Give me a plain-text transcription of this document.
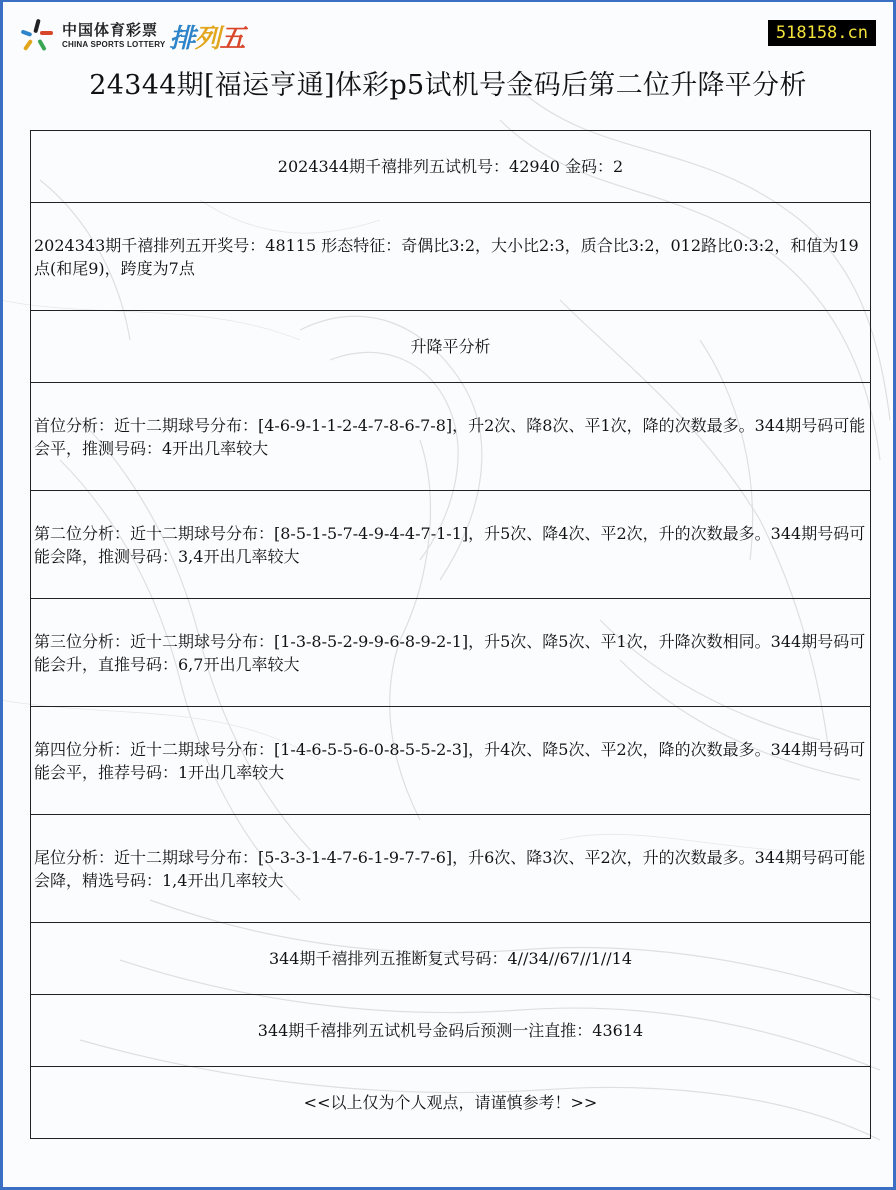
中国体育彩票
CHINA SPORTS LOTTERY 排 列 五	518158.cn
24344期[福运亨通]体彩p5试机号金码后第二位升降平分析
2024344期千禧排列五试机号：42940 金码：2
2024343期千禧排列五开奖号：48115 形态特征：奇偶比3:2，大小比2:3，质合比3:2，012路比0:3:2，和值为19点(和尾9)，跨度为7点
升降平分析
首位分析：近十二期球号分布：[4-6-9-1-1-2-4-7-8-6-7-8]，升2次、降8次、平1次，降的次数最多。344期号码可能会平，推测号码：4开出几率较大
第二位分析：近十二期球号分布：[8-5-1-5-7-4-9-4-4-7-1-1]，升5次、降4次、平2次，升的次数最多。344期号码可能会降，推测号码：3,4开出几率较大
第三位分析：近十二期球号分布：[1-3-8-5-2-9-9-6-8-9-2-1]，升5次、降5次、平1次，升降次数相同。344期号码可能会升，直推号码：6,7开出几率较大
第四位分析：近十二期球号分布：[1-4-6-5-5-6-0-8-5-5-2-3]，升4次、降5次、平2次，降的次数最多。344期号码可能会平，推荐号码：1开出几率较大
尾位分析：近十二期球号分布：[5-3-3-1-4-7-6-1-9-7-7-6]，升6次、降3次、平2次，升的次数最多。344期号码可能会降，精选号码：1,4开出几率较大
344期千禧排列五推断复式号码：4//34//67//1//14
344期千禧排列五试机号金码后预测一注直推：43614
<<以上仅为个人观点，请谨慎参考！>>
